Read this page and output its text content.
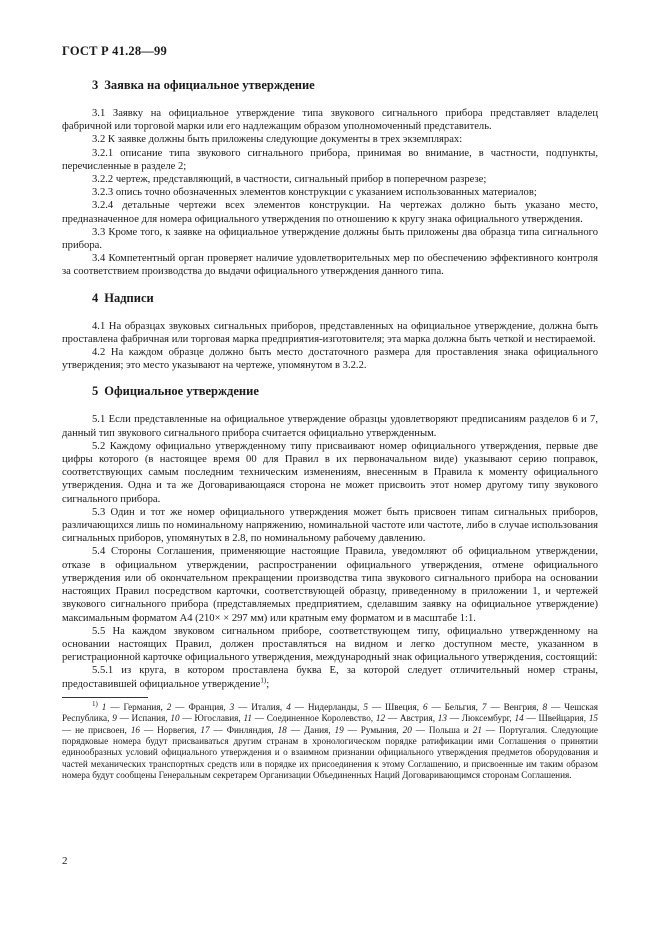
ГОСТ Р 41.28—99
3 Заявка на официальное утверждение

3.1 Заявку на официальное утверждение типа звукового сигнального прибора представляет владелец фабричной или торговой марки или его надлежащим образом уполномоченный представитель.

3.2 К заявке должны быть приложены следующие документы в трех экземплярах:

3.2.1 описание типа звукового сигнального прибора, принимая во внимание, в частности, подпункты, перечисленные в разделе 2;

3.2.2 чертеж, представляющий, в частности, сигнальный прибор в поперечном разрезе;

3.2.3 опись точно обозначенных элементов конструкции с указанием использованных материалов;

3.2.4 детальные чертежи всех элементов конструкции. На чертежах должно быть указано место, предназначенное для номера официального утверждения по отношению к кругу знака официального утверждения.

3.3 Кроме того, к заявке на официальное утверждение должны быть приложены два образца типа сигнального прибора.

3.4 Компетентный орган проверяет наличие удовлетворительных мер по обеспечению эффективного контроля за соответствием производства до выдачи официального утверждения данного типа.

4 Надписи

4.1 На образцах звуковых сигнальных приборов, представленных на официальное утверждение, должна быть проставлена фабричная или торговая марка предприятия-изготовителя; эта марка должна быть четкой и нестираемой.

4.2 На каждом образце должно быть место достаточного размера для проставления знака официального утверждения; это место указывают на чертеже, упомянутом в 3.2.2.

5 Официальное утверждение

5.1 Если представленные на официальное утверждение образцы удовлетворяют предписаниям разделов 6 и 7, данный тип звукового сигнального прибора считается официально утвержденным.

5.2 Каждому официально утвержденному типу присваивают номер официального утверждения, первые две цифры которого (в настоящее время 00 для Правил в их первоначальном виде) указывают серию поправок, соответствующих самым последним техническим изменениям, внесенным в Правила к моменту официального утверждения. Одна и та же Договаривающаяся сторона не может присвоить этот номер другому типу звукового сигнального прибора.

5.3 Один и тот же номер официального утверждения может быть присвоен типам сигнальных приборов, различающихся лишь по номинальному напряжению, номинальной частоте или частоте, либо в случае использования сигнальных приборов, упомянутых в 2.8, по номинальному рабочему давлению.

5.4 Стороны Соглашения, применяющие настоящие Правила, уведомляют об официальном утверждении, отказе в официальном утверждении, распространении официального утверждения, отмене официального утверждения или об окончательном прекращении производства типа звукового сигнального прибора на основании настоящих Правил посредством карточки, соответствующей образцу, приведенному в приложении 1, и чертежей звукового сигнального прибора (представляемых предприятием, сделавшим заявку на официальное утверждение) максимальным форматом А4 (210× × 297 мм) или кратным ему форматом и в масштабе 1:1.

5.5 На каждом звуковом сигнальном приборе, соответствующем типу, официально утвержденному на основании настоящих Правил, должен проставляться на видном и легко доступном месте, указанном в регистрационной карточке официального утверждения, международный знак официального утверждения, состоящий:

5.5.1 из круга, в котором проставлена буква Е, за которой следует отличительный номер страны, предоставившей официальное утверждение$^{1)}$;

$^{1)}$ 1 — Германия, 2 — Франция, 3 — Италия, 4 — Нидерланды, 5 — Швеция, 6 — Бельгия, 7 — Венгрия, 8 — Чешская Республика, 9 — Испания, 10 — Югославия, 11 — Соединенное Королевство, 12 — Австрия, 13 — Люксембург, 14 — Швейцария, 15 — не присвоен, 16 — Норвегия, 17 — Финляндия, 18 — Дания, 19 — Румыния, 20 — Польша и 21 — Португалия. Следующие порядковые номера будут присваиваться другим странам в хронологическом порядке ратификации ими Соглашения о принятии единообразных условий официального утверждения и о взаимном признании официального утверждения предметов оборудования и частей механических транспортных средств или в порядке их присоединения к этому Соглашению, и присвоенные им таким образом номера будут сообщены Генеральным секретарем Организации Объединенных Наций Договаривающимся сторонам Соглашения.
2
